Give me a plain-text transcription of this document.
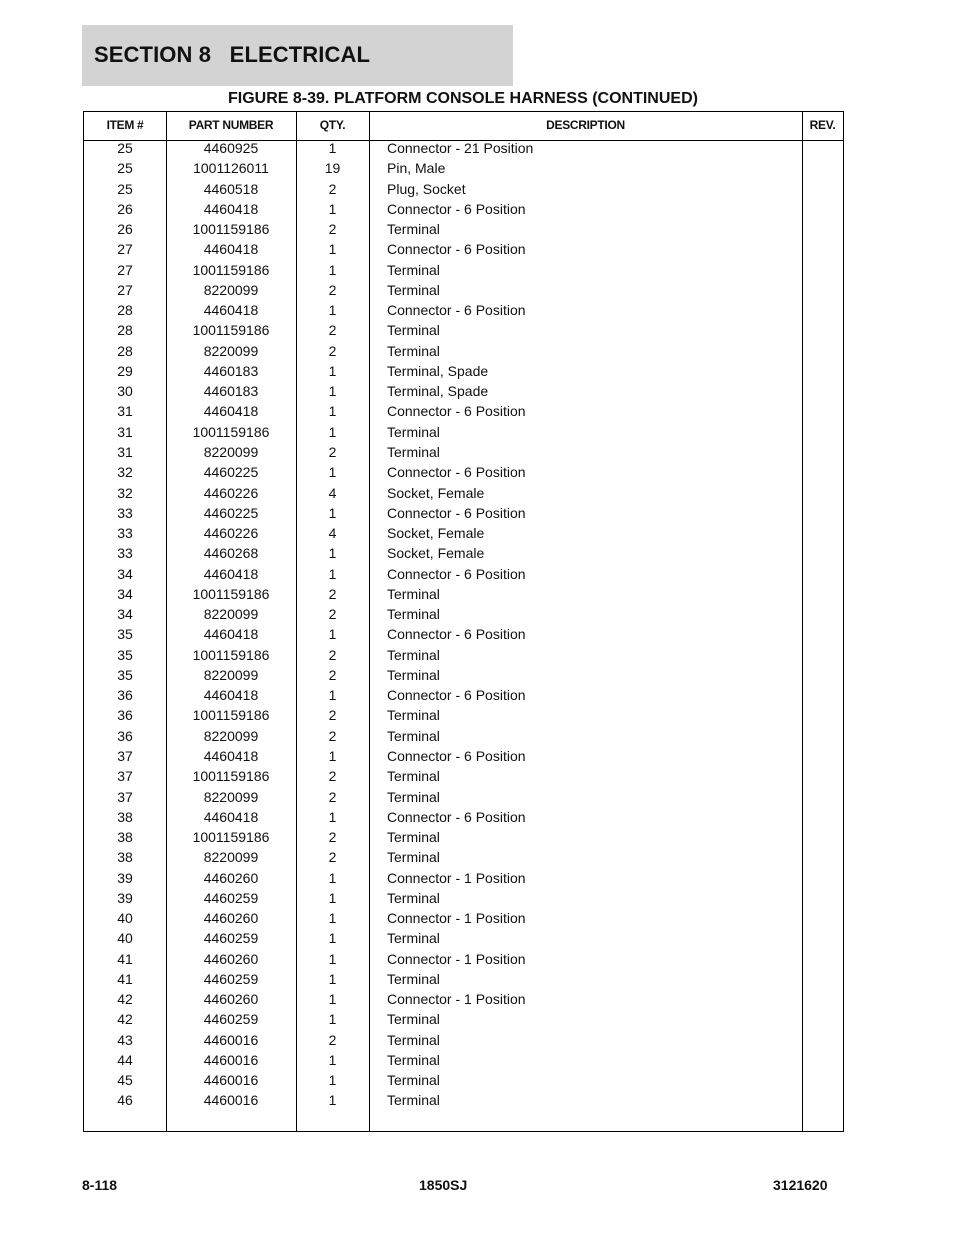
SECTION 8   ELECTRICAL
FIGURE 8-39. PLATFORM CONSOLE HARNESS (CONTINUED)
ITEM #	PART NUMBER	QTY.	DESCRIPTION	REV.
25	4460925	1	Connector - 21 Position
25	1001126011	19	Pin, Male
25	4460518	2	Plug, Socket
26	4460418	1	Connector - 6 Position
26	1001159186	2	Terminal
27	4460418	1	Connector - 6 Position
27	1001159186	1	Terminal
27	8220099	2	Terminal
28	4460418	1	Connector - 6 Position
28	1001159186	2	Terminal
28	8220099	2	Terminal
29	4460183	1	Terminal, Spade
30	4460183	1	Terminal, Spade
31	4460418	1	Connector - 6 Position
31	1001159186	1	Terminal
31	8220099	2	Terminal
32	4460225	1	Connector - 6 Position
32	4460226	4	Socket, Female
33	4460225	1	Connector - 6 Position
33	4460226	4	Socket, Female
33	4460268	1	Socket, Female
34	4460418	1	Connector - 6 Position
34	1001159186	2	Terminal
34	8220099	2	Terminal
35	4460418	1	Connector - 6 Position
35	1001159186	2	Terminal
35	8220099	2	Terminal
36	4460418	1	Connector - 6 Position
36	1001159186	2	Terminal
36	8220099	2	Terminal
37	4460418	1	Connector - 6 Position
37	1001159186	2	Terminal
37	8220099	2	Terminal
38	4460418	1	Connector - 6 Position
38	1001159186	2	Terminal
38	8220099	2	Terminal
39	4460260	1	Connector - 1 Position
39	4460259	1	Terminal
40	4460260	1	Connector - 1 Position
40	4460259	1	Terminal
41	4460260	1	Connector - 1 Position
41	4460259	1	Terminal
42	4460260	1	Connector - 1 Position
42	4460259	1	Terminal
43	4460016	2	Terminal
44	4460016	1	Terminal
45	4460016	1	Terminal
46	4460016	1	Terminal
8-118	1850SJ	3121620
